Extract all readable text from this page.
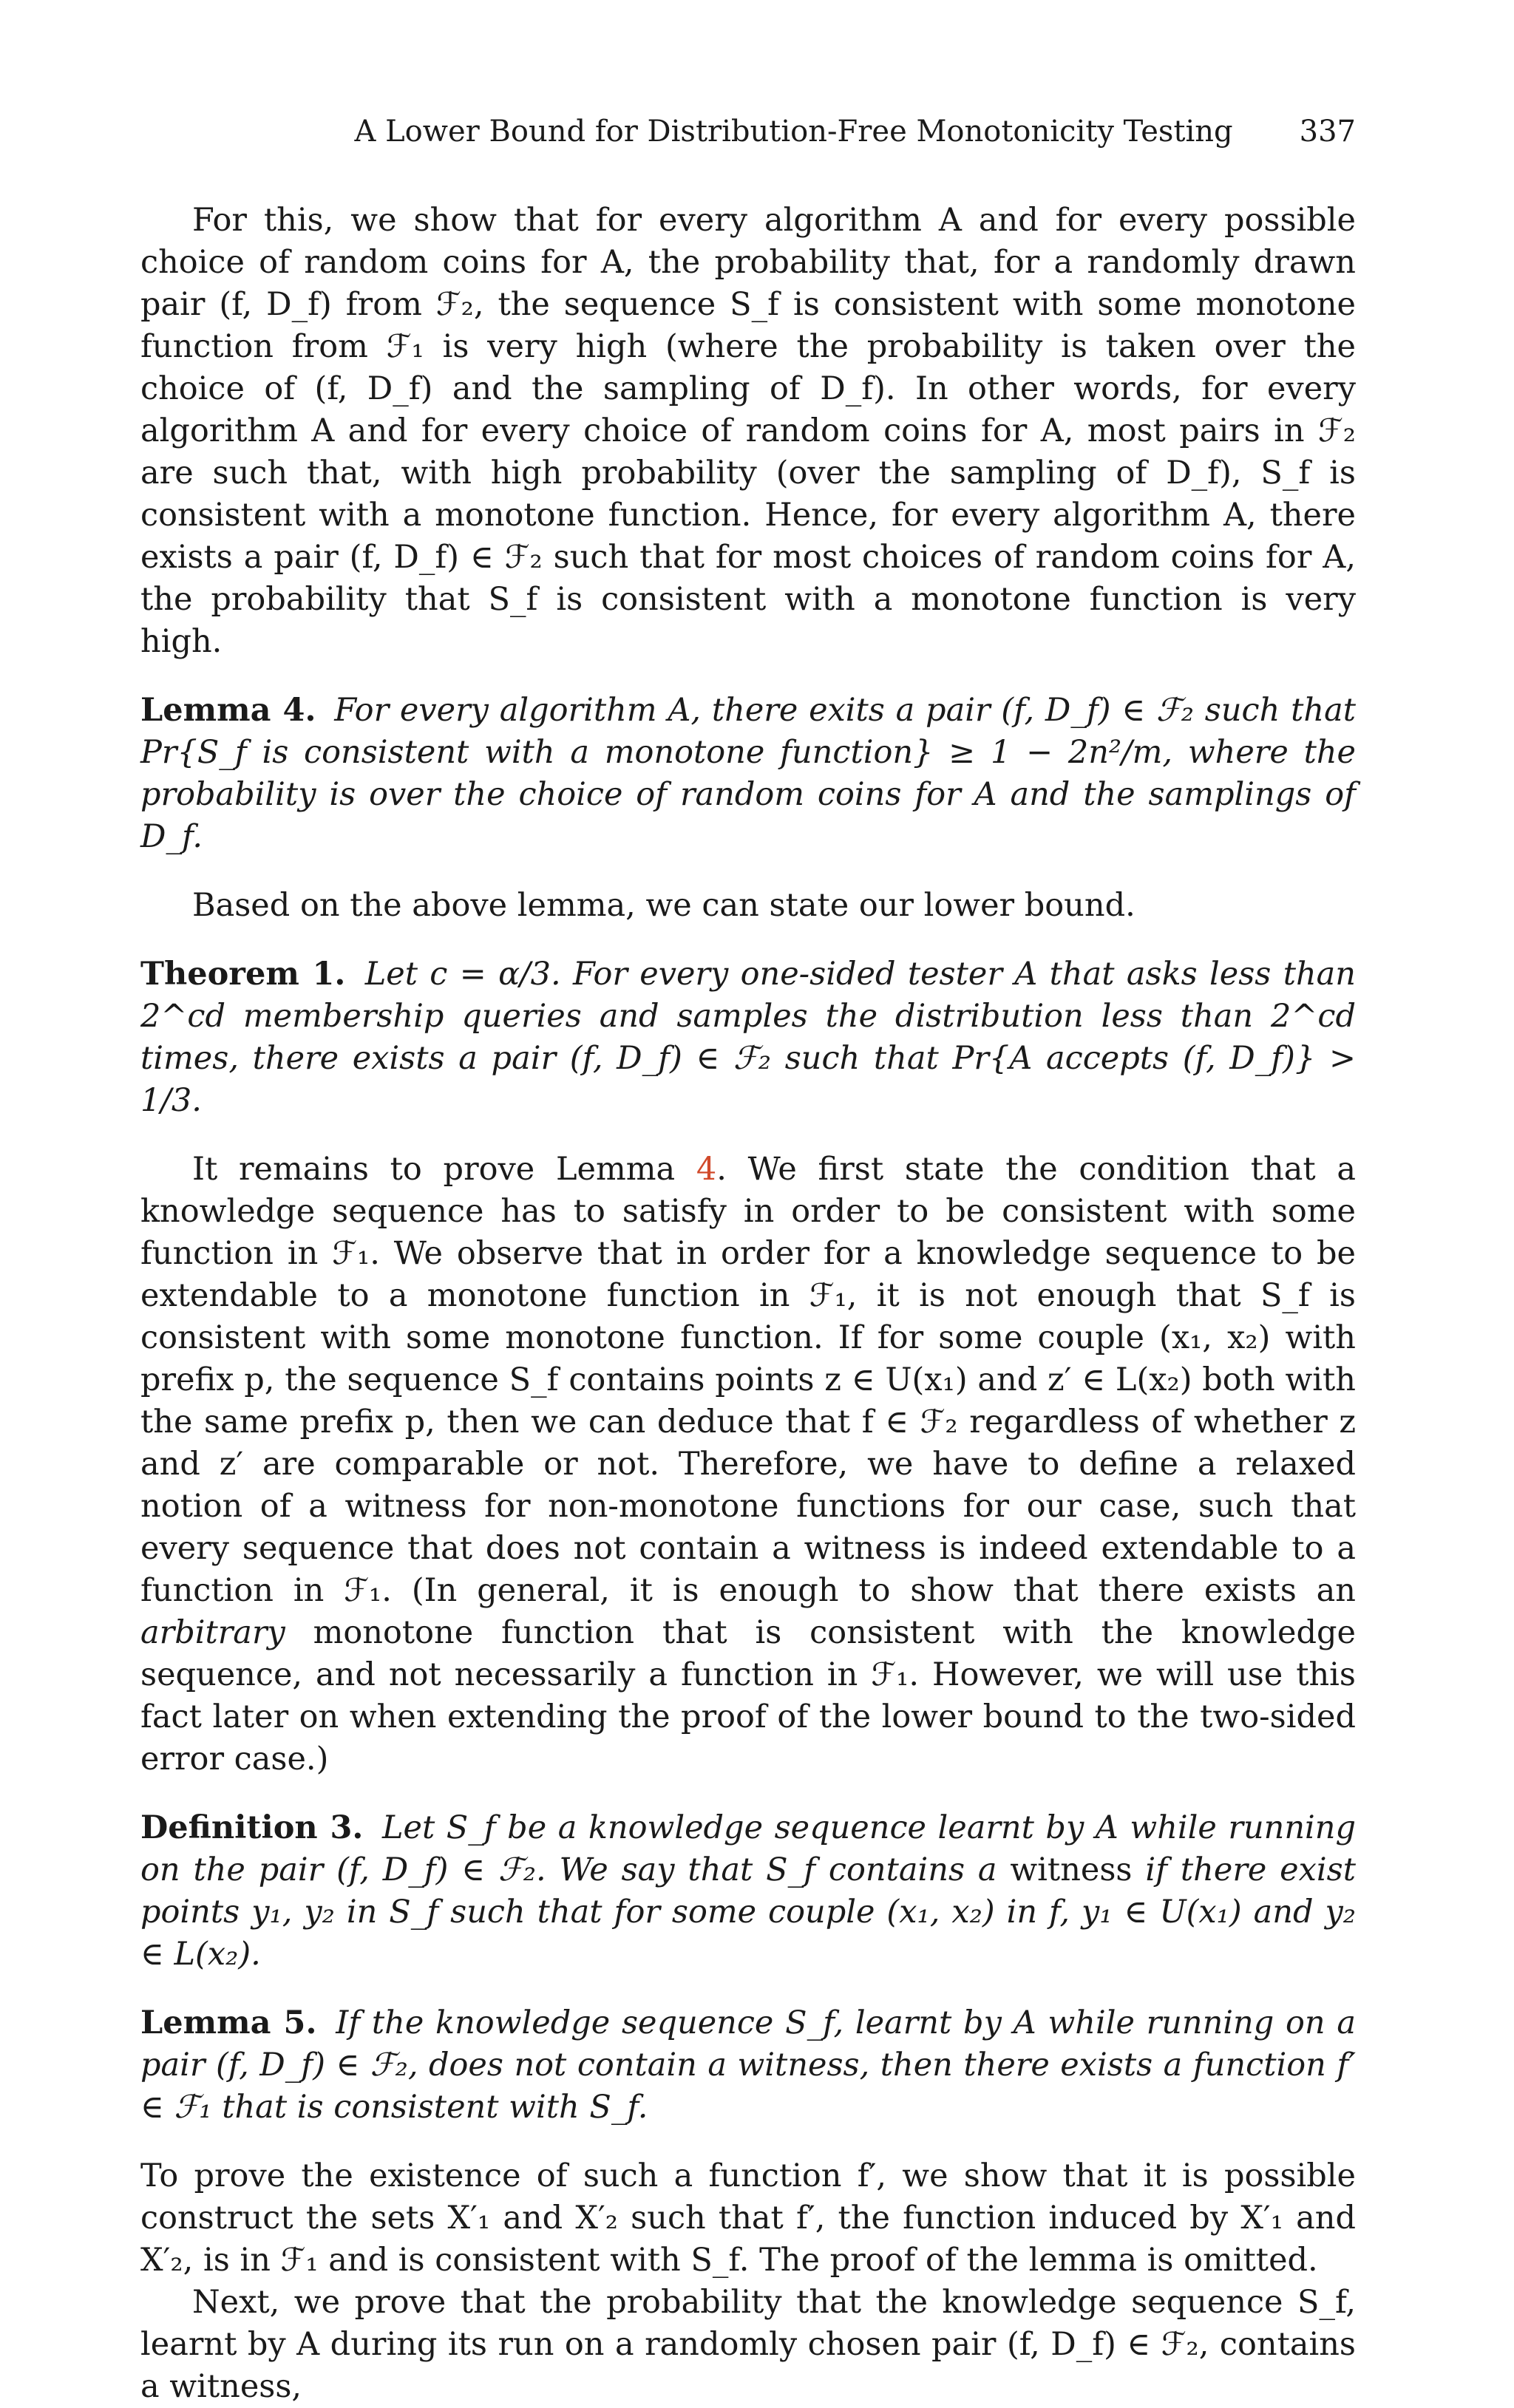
A Lower Bound for Distribution-Free Monotonicity Testing 337

For this, we show that for every algorithm A and for every possible choice of random coins for A, the probability that, for a randomly drawn pair (f, D_f) from ℱ₂, the sequence S_f is consistent with some monotone function from ℱ₁ is very high (where the probability is taken over the choice of (f, D_f) and the sampling of D_f). In other words, for every algorithm A and for every choice of random coins for A, most pairs in ℱ₂ are such that, with high probability (over the sampling of D_f), S_f is consistent with a monotone function. Hence, for every algorithm A, there exists a pair (f, D_f) ∈ ℱ₂ such that for most choices of random coins for A, the probability that S_f is consistent with a monotone function is very high.

Lemma 4. For every algorithm A, there exits a pair (f, D_f) ∈ ℱ₂ such that Pr{S_f is consistent with a monotone function} ≥ 1 − 2n²/m, where the probability is over the choice of random coins for A and the samplings of D_f.

Based on the above lemma, we can state our lower bound.

Theorem 1. Let c = α/3. For every one-sided tester A that asks less than 2^cd membership queries and samples the distribution less than 2^cd times, there exists a pair (f, D_f) ∈ ℱ₂ such that Pr{A accepts (f, D_f)} > 1/3.

It remains to prove Lemma 4. We first state the condition that a knowledge sequence has to satisfy in order to be consistent with some function in ℱ₁. We observe that in order for a knowledge sequence to be extendable to a monotone function in ℱ₁, it is not enough that S_f is consistent with some monotone function. If for some couple (x₁, x₂) with prefix p, the sequence S_f contains points z ∈ U(x₁) and z′ ∈ L(x₂) both with the same prefix p, then we can deduce that f ∈ ℱ₂ regardless of whether z and z′ are comparable or not. Therefore, we have to define a relaxed notion of a witness for non-monotone functions for our case, such that every sequence that does not contain a witness is indeed extendable to a function in ℱ₁. (In general, it is enough to show that there exists an arbitrary monotone function that is consistent with the knowledge sequence, and not necessarily a function in ℱ₁. However, we will use this fact later on when extending the proof of the lower bound to the two-sided error case.)

Definition 3. Let S_f be a knowledge sequence learnt by A while running on the pair (f, D_f) ∈ ℱ₂. We say that S_f contains a witness if there exist points y₁, y₂ in S_f such that for some couple (x₁, x₂) in f, y₁ ∈ U(x₁) and y₂ ∈ L(x₂).

Lemma 5. If the knowledge sequence S_f, learnt by A while running on a pair (f, D_f) ∈ ℱ₂, does not contain a witness, then there exists a function f′ ∈ ℱ₁ that is consistent with S_f.

To prove the existence of such a function f′, we show that it is possible construct the sets X′₁ and X′₂ such that f′, the function induced by X′₁ and X′₂, is in ℱ₁ and is consistent with S_f. The proof of the lemma is omitted.

Next, we prove that the probability that the knowledge sequence S_f, learnt by A during its run on a randomly chosen pair (f, D_f) ∈ ℱ₂, contains a witness,
